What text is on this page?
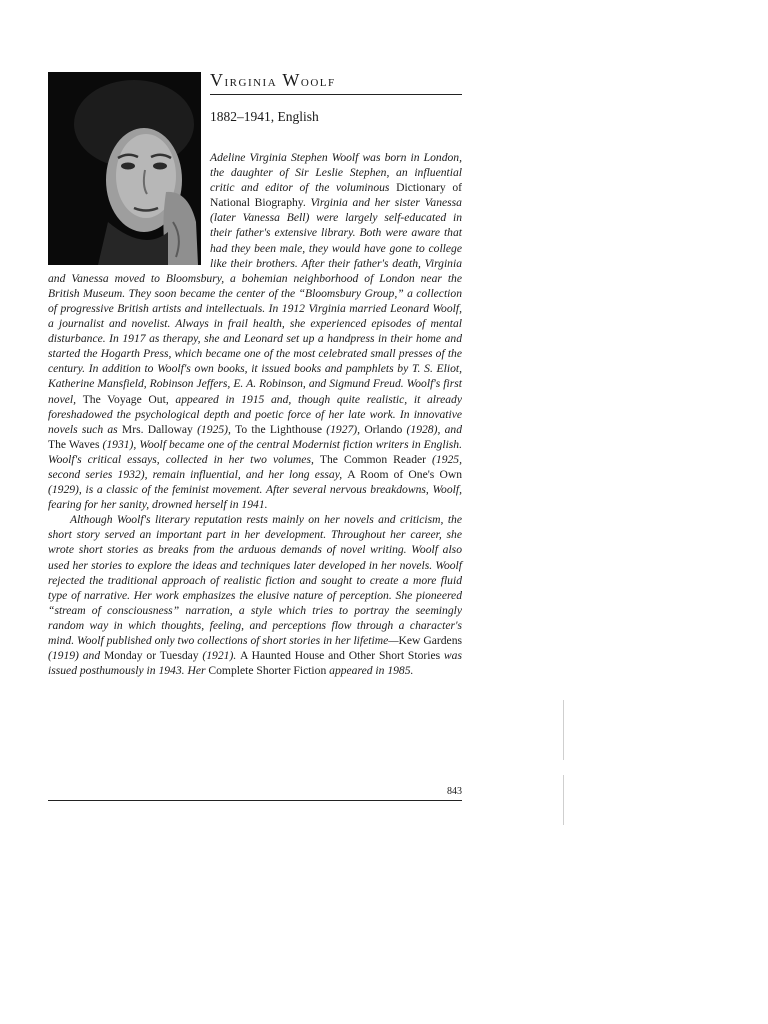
Virginia Woolf
1882–1941, English

Adeline Virginia Stephen Woolf was born in London, the daughter of Sir Leslie Stephen, an influential critic and editor of the voluminous Dictionary of National Biography. Virginia and her sister Vanessa (later Vanessa Bell) were largely self-educated in their father's extensive library. Both were aware that had they been male, they would have gone to college like their brothers. After their father's death, Virginia and Vanessa moved to Bloomsbury, a bohemian neighborhood of London near the British Museum. They soon became the center of the “Bloomsbury Group,” a collection of progressive British artists and intellectuals. In 1912 Virginia married Leonard Woolf, a journalist and novelist. Always in frail health, she experienced episodes of mental disturbance. In 1917 as therapy, she and Leonard set up a handpress in their home and started the Hogarth Press, which became one of the most celebrated small presses of the century. In addition to Woolf's own books, it issued books and pamphlets by T. S. Eliot, Katherine Mansfield, Robinson Jeffers, E. A. Robinson, and Sigmund Freud. Woolf's first novel, The Voyage Out, appeared in 1915 and, though quite realistic, it already foreshadowed the psychological depth and poetic force of her late work. In innovative novels such as Mrs. Dalloway (1925), To the Lighthouse (1927), Orlando (1928), and The Waves (1931), Woolf became one of the central Modernist fiction writers in English. Woolf's critical essays, collected in her two volumes, The Common Reader (1925, second series 1932), remain influential, and her long essay, A Room of One's Own (1929), is a classic of the feminist movement. After several nervous breakdowns, Woolf, fearing for her sanity, drowned herself in 1941.

Although Woolf's literary reputation rests mainly on her novels and criticism, the short story served an important part in her development. Throughout her career, she wrote short stories as breaks from the arduous demands of novel writing. Woolf also used her stories to explore the ideas and techniques later developed in her novels. Woolf rejected the traditional approach of realistic fiction and sought to create a more fluid type of narrative. Her work emphasizes the elusive nature of perception. She pioneered “stream of consciousness” narration, a style which tries to portray the seemingly random way in which thoughts, feeling, and perceptions flow through a character's mind. Woolf published only two collections of short stories in her lifetime—Kew Gardens (1919) and Monday or Tuesday (1921). A Haunted House and Other Short Stories was issued posthumously in 1943. Her Complete Shorter Fiction appeared in 1985.

843
